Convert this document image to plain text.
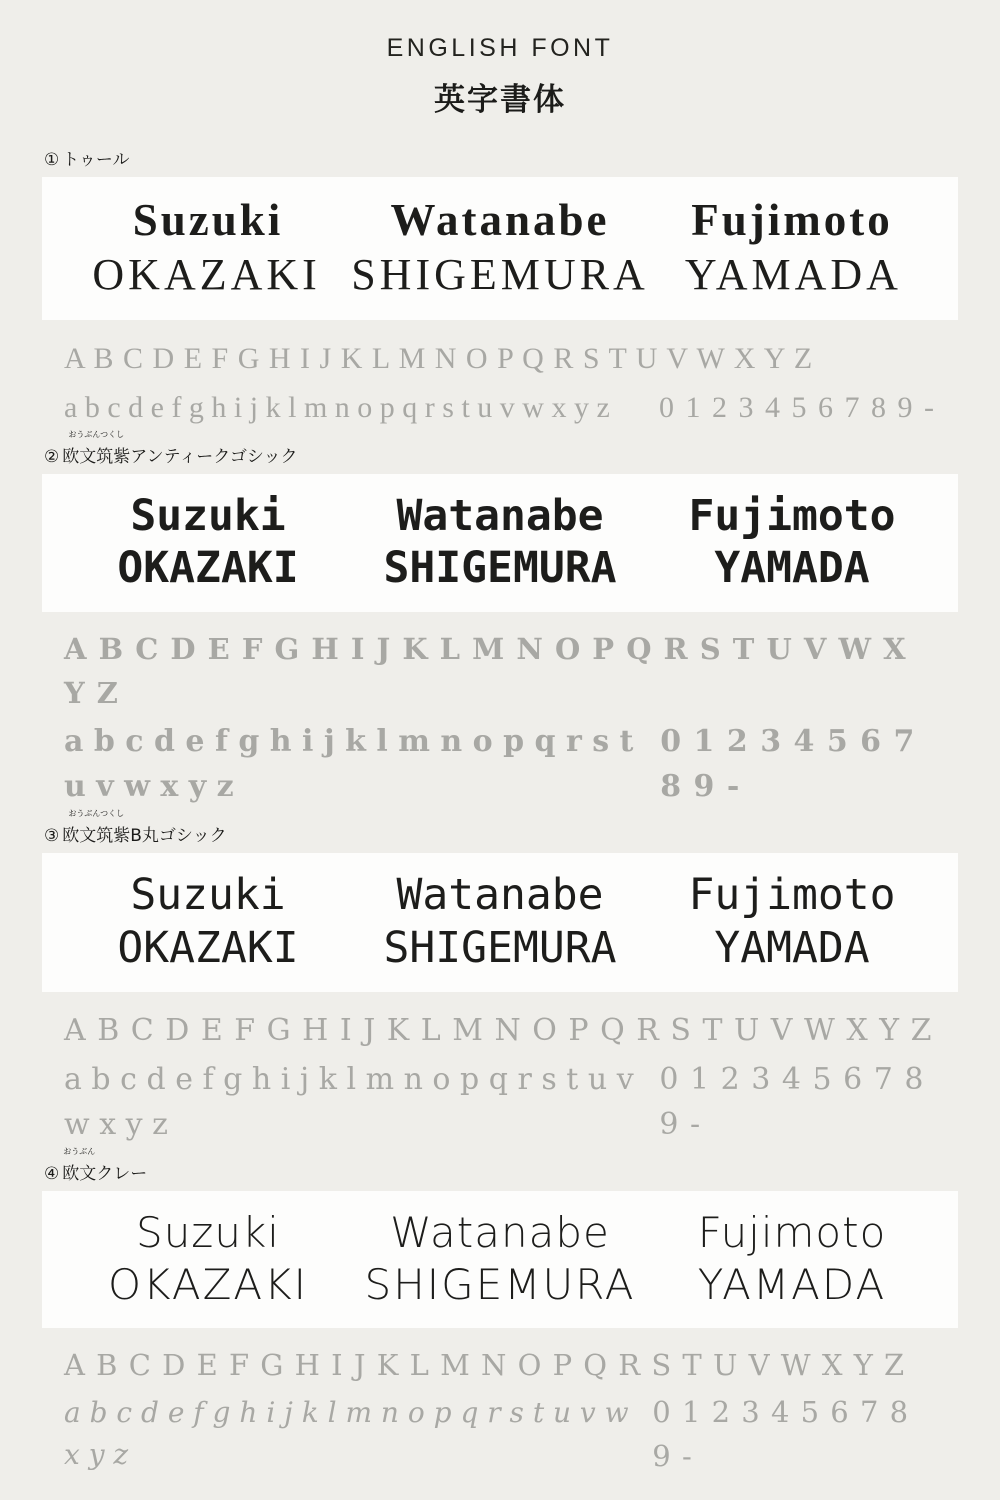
ENGLISH FONT
英字書体
① トゥール
Suzuki	Watanabe	Fujimoto
OKAZAKI SHIGEMURA YAMADA
A B C D E F G H I J K L M N O P Q R S T U V W X Y Z
a b c d e f g h i j k l m n o p q r s t u v w x y z 0 1 2 3 4 5 6 7 8 9 -
②
おうぶんつくし
欧文筑紫アンティークゴシック
Suzuki	Watanabe	Fujimoto
OKAZAKI	SHIGEMURA	YAMADA
A B C D E F G H I J K L M N O P Q R S T U V W X Y Z
a b c d e f g h i j k l m n o p q r s t u v w x y z
0 1 2 3 4 5 6 7 8 9 -
③
おうぶんつくし
欧文筑紫B丸ゴシック
Suzuki	Watanabe	Fujimoto
OKAZAKI	SHIGEMURA	YAMADA
A B C D E F G H I J K L M N O P Q R S T U V W X Y Z
a b c d e f g h i j k l m n o p q r s t u v w x y z
0 1 2 3 4 5 6 7 8 9 -
④
おうぶん
欧文クレー
Suzuki	Watanabe	Fujimoto
OKAZAKI	SHIGEMURA	YAMADA
A B C D E F G H I J K L M N O P Q R S T U V W X Y Z
a b c d e f g h i j k l m n o p q r s t u v w x y z
0 1 2 3 4 5 6 7 8 9 -
